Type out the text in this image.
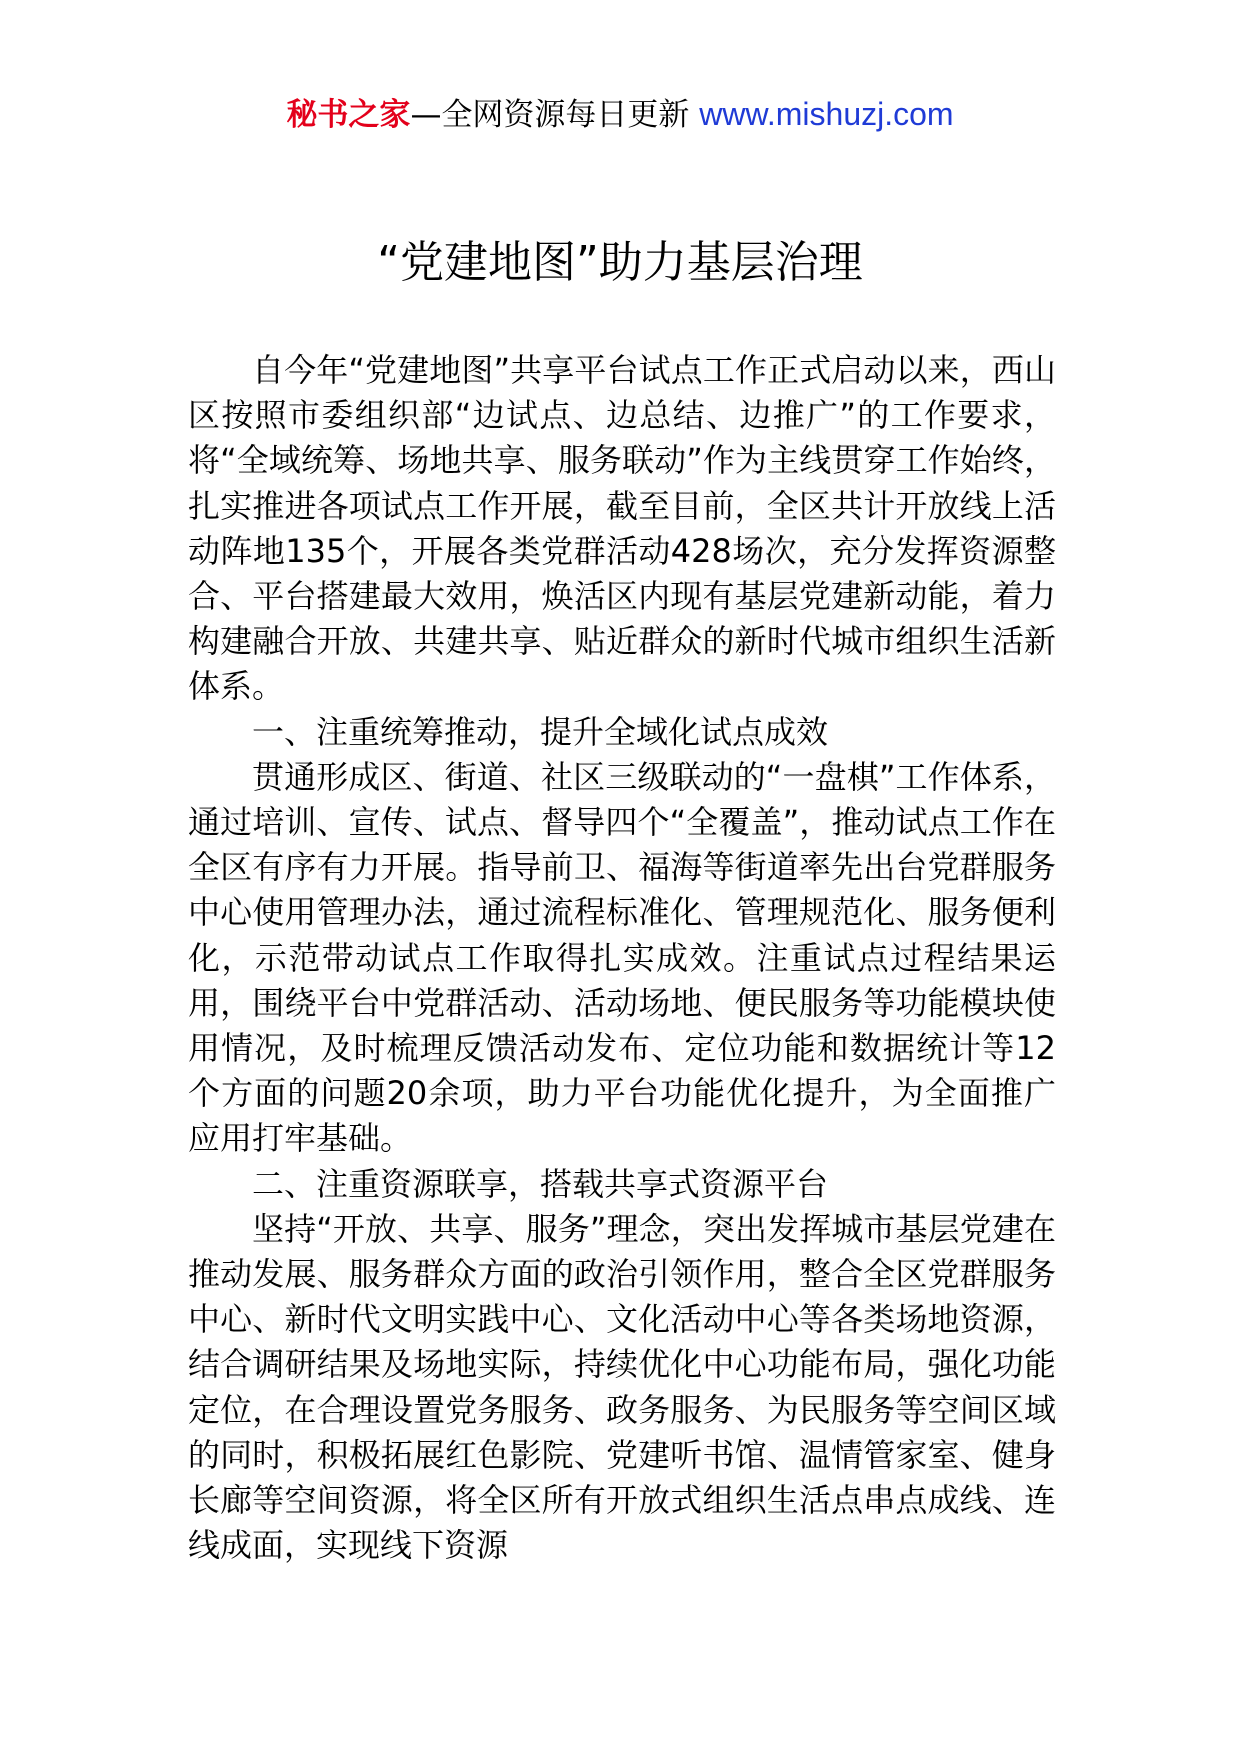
秘书之家—全网资源每日更新 www.mishuzj.com
“党建地图”助力基层治理

自今年“党建地图”共享平台试点工作正式启动以来，西山区按照市委组织部“边试点、边总结、边推广”的工作要求，将“全域统筹、场地共享、服务联动”作为主线贯穿工作始终，扎实推进各项试点工作开展，截至目前，全区共计开放线上活动阵地135个，开展各类党群活动428场次，充分发挥资源整合、平台搭建最大效用，焕活区内现有基层党建新动能，着力构建融合开放、共建共享、贴近群众的新时代城市组织生活新体系。

一、注重统筹推动，提升全域化试点成效

贯通形成区、街道、社区三级联动的“一盘棋”工作体系，通过培训、宣传、试点、督导四个“全覆盖”，推动试点工作在全区有序有力开展。指导前卫、福海等街道率先出台党群服务中心使用管理办法，通过流程标准化、管理规范化、服务便利化，示范带动试点工作取得扎实成效。注重试点过程结果运用，围绕平台中党群活动、活动场地、便民服务等功能模块使用情况，及时梳理反馈活动发布、定位功能和数据统计等12个方面的问题20余项，助力平台功能优化提升，为全面推广应用打牢基础。

二、注重资源联享，搭载共享式资源平台

坚持“开放、共享、服务”理念，突出发挥城市基层党建在推动发展、服务群众方面的政治引领作用，整合全区党群服务中心、新时代文明实践中心、文化活动中心等各类场地资源，结合调研结果及场地实际，持续优化中心功能布局，强化功能定位，在合理设置党务服务、政务服务、为民服务等空间区域的同时，积极拓展红色影院、党建听书馆、温情管家室、健身长廊等空间资源，将全区所有开放式组织生活点串点成线、连线成面，实现线下资源
